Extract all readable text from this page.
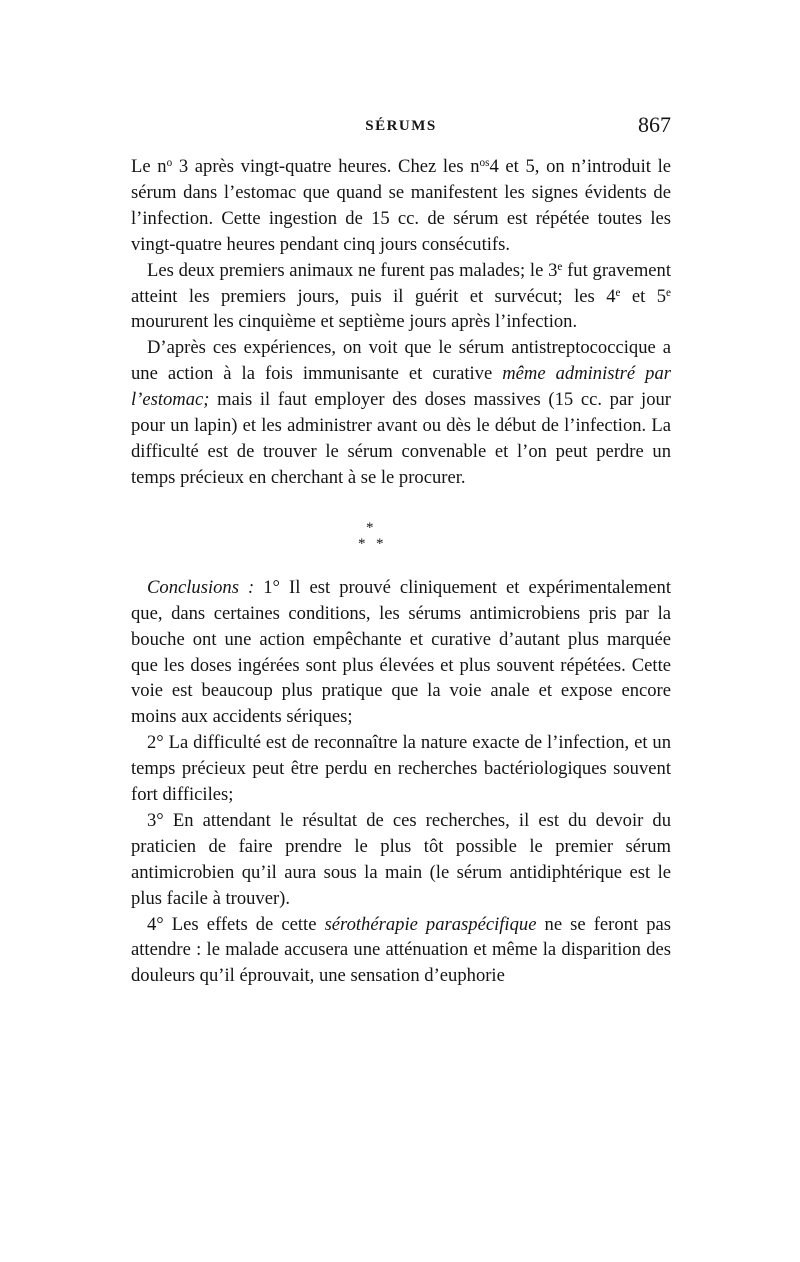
SÉRUMS	867

Le $n^o$ 3 après vingt-quatre heures. Chez les $n^{os}4$ et 5, on n’introduit le sérum dans l’estomac que quand se manifestent les signes évidents de l’infection. Cette ingestion de 15 cc. de sérum est répétée toutes les vingt-quatre heures pendant cinq jours consécutifs.

Les deux premiers animaux ne furent pas malades; le 3e fut gravement atteint les premiers jours, puis il guérit et survécut; les 4e et 5e moururent les cinquième et septième jours après l’infection.

D’après ces expériences, on voit que le sérum antistreptococcique a une action à la fois immunisante et curative même administré par l’estomac; mais il faut employer des doses massives (15 cc. par jour pour un lapin) et les administrer avant ou dès le début de l’infection. La difficulté est de trouver le sérum convenable et l’on peut perdre un temps précieux en cherchant à se le procurer.

*
* *

Conclusions : 1° Il est prouvé cliniquement et expérimentalement que, dans certaines conditions, les sérums antimicrobiens pris par la bouche ont une action empêchante et curative d’autant plus marquée que les doses ingérées sont plus élevées et plus souvent répétées. Cette voie est beaucoup plus pratique que la voie anale et expose encore moins aux accidents sériques;

2° La difficulté est de reconnaître la nature exacte de l’infection, et un temps précieux peut être perdu en recherches bactériologiques souvent fort difficiles;

3° En attendant le résultat de ces recherches, il est du devoir du praticien de faire prendre le plus tôt possible le premier sérum antimicrobien qu’il aura sous la main (le sérum antidiphtérique est le plus facile à trouver).

4° Les effets de cette sérothérapie paraspécifique ne se feront pas attendre : le malade accusera une atténuation et même la disparition des douleurs qu’il éprouvait, une sensation d’euphorie
